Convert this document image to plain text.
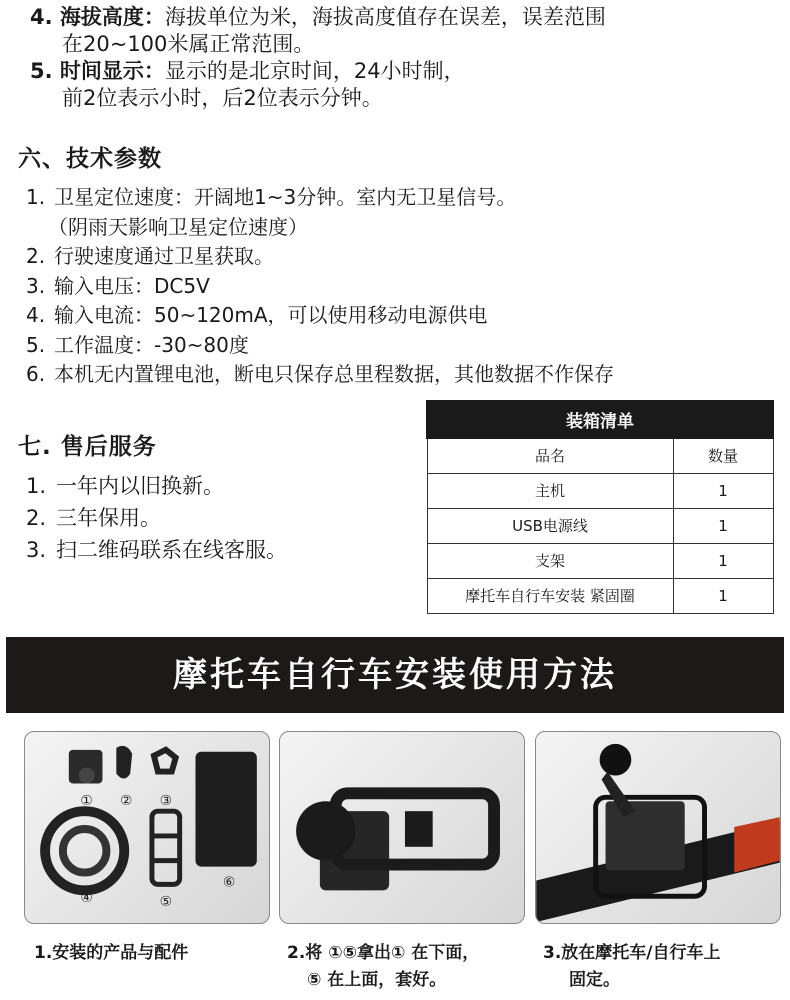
4. 海拔高度：海拔单位为米，海拔高度值存在误差，误差范围
在20~100米属正常范围。
5. 时间显示：显示的是北京时间，24小时制，
前2位表示小时，后2位表示分钟。
六、技术参数
1. 卫星定位速度：开阔地1~3分钟。室内无卫星信号。
（阴雨天影响卫星定位速度）
2. 行驶速度通过卫星获取。
3. 输入电压：DC5V
4. 输入电流：50~120mA，可以使用移动电源供电
5. 工作温度：-30~80度
6. 本机无内置锂电池，断电只保存总里程数据，其他数据不作保存
七. 售后服务
1. 一年内以旧换新。
2. 三年保用。
3. 扫二维码联系在线客服。
装箱清单	
品名	数量
主机	1
USB电源线	1
支架	1
摩托车自行车安装 紧固圈	1
摩托车自行车安装使用方法
① ② ③
④	⑤
⑥
1.安装的产品与配件	2.将 ①⑤拿出① 在下面，
⑤ 在上面，套好。
3.放在摩托车/自行车上
固定。
